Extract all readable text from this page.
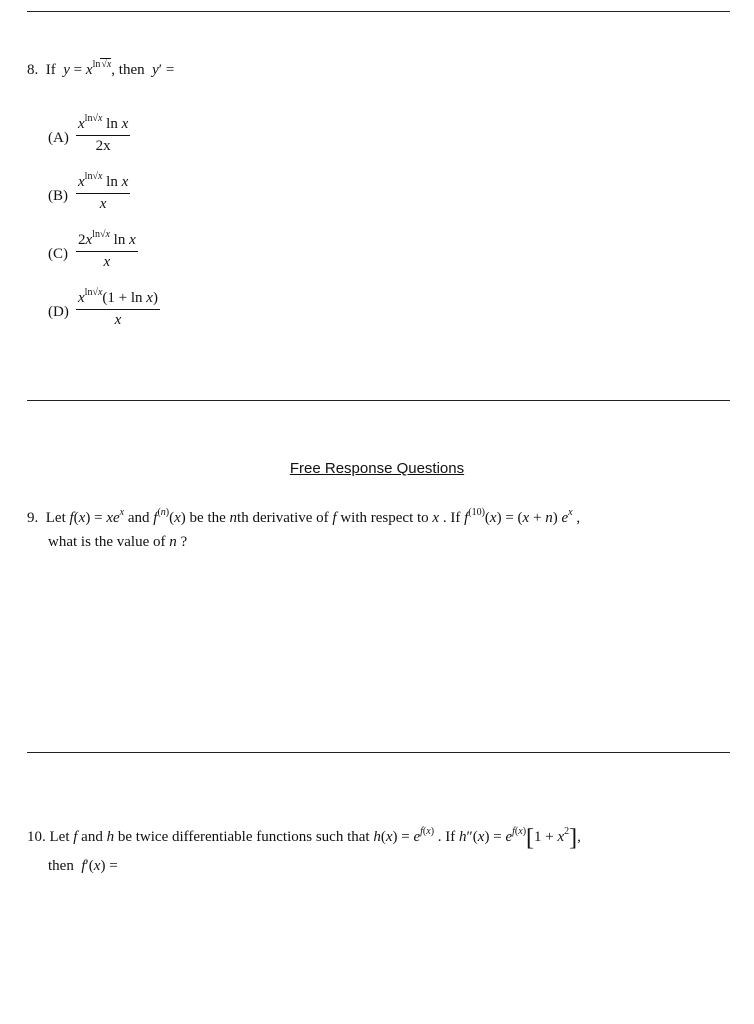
8. If $y = x^{ln√x}$, then y′ =
(A)
$x^{ln√x}$ ln x
2x
(B)
$x^{ln√x}$ ln x
x
(C)
$2x^{ln√x}$ ln x
x
(D)
$x^{ln√x}(1 + \ln x)$
x
Free Response Questions
9.  Let $f(x) = xe^x$ and $f^{(n)}(x)$ be the nth derivative of f with respect to x . If $f^{(10)}(x) = (x + n)$ $e^x$ ,
what is the value of n ?
10. Let f and h be twice differentiable functions such that $h(x) = e^{f(x)}$ . If $h''(x) = e^{f(x)}[1 + x^2]$,
then f′(x) =
